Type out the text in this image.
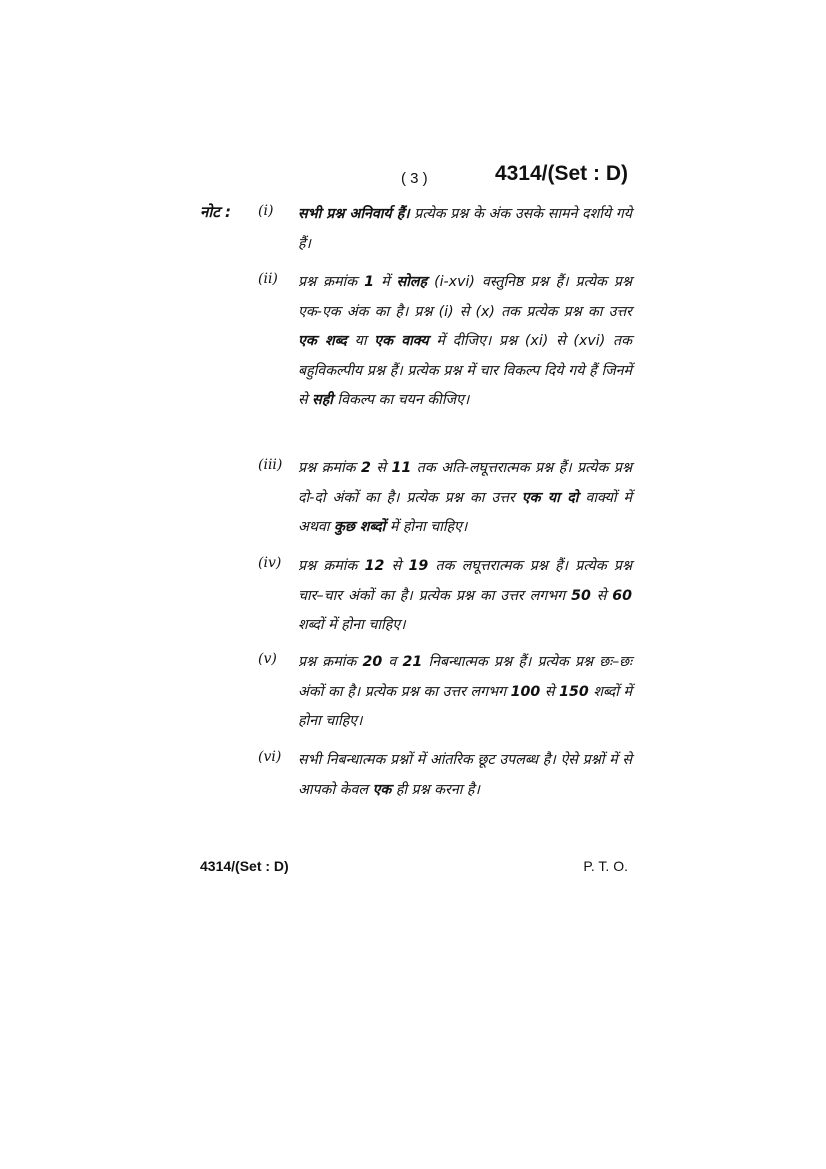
( 3 )	4314/(Set : D)
नोट : (i) सभी प्रश्न अनिवार्य हैं। प्रत्येक प्रश्न के अंक उसके सामने दर्शाये गये हैं।
(ii) प्रश्न क्रमांक 1 में सोलह (i-xvi) वस्तुनिष्ठ प्रश्न हैं। प्रत्येक प्रश्न एक-एक अंक का है। प्रश्न (i) से (x) तक प्रत्येक प्रश्न का उत्तर एक शब्द या एक वाक्य में दीजिए। प्रश्न (xi) से (xvi) तक बहुविकल्पीय प्रश्न हैं। प्रत्येक प्रश्न में चार विकल्प दिये गये हैं जिनमें से सही विकल्प का चयन कीजिए।
(iii) प्रश्न क्रमांक 2 से 11 तक अति-लघूत्तरात्मक प्रश्न हैं। प्रत्येक प्रश्न दो-दो अंकों का है। प्रत्येक प्रश्न का उत्तर एक या दो वाक्यों में अथवा कुछ शब्दों में होना चाहिए।
(iv) प्रश्न क्रमांक 12 से 19 तक लघूत्तरात्मक प्रश्न हैं। प्रत्येक प्रश्न चार–चार अंकों का है। प्रत्येक प्रश्न का उत्तर लगभग 50 से 60 शब्दों में होना चाहिए।
(v) प्रश्न क्रमांक 20 व 21 निबन्धात्मक प्रश्न हैं। प्रत्येक प्रश्न छः–छः अंकों का है। प्रत्येक प्रश्न का उत्तर लगभग 100 से 150 शब्दों में होना चाहिए।
(vi) सभी निबन्धात्मक प्रश्नों में आंतरिक छूट उपलब्ध है। ऐसे प्रश्नों में से आपको केवल एक ही प्रश्न करना है।
4314/(Set : D)	P. T. O.
